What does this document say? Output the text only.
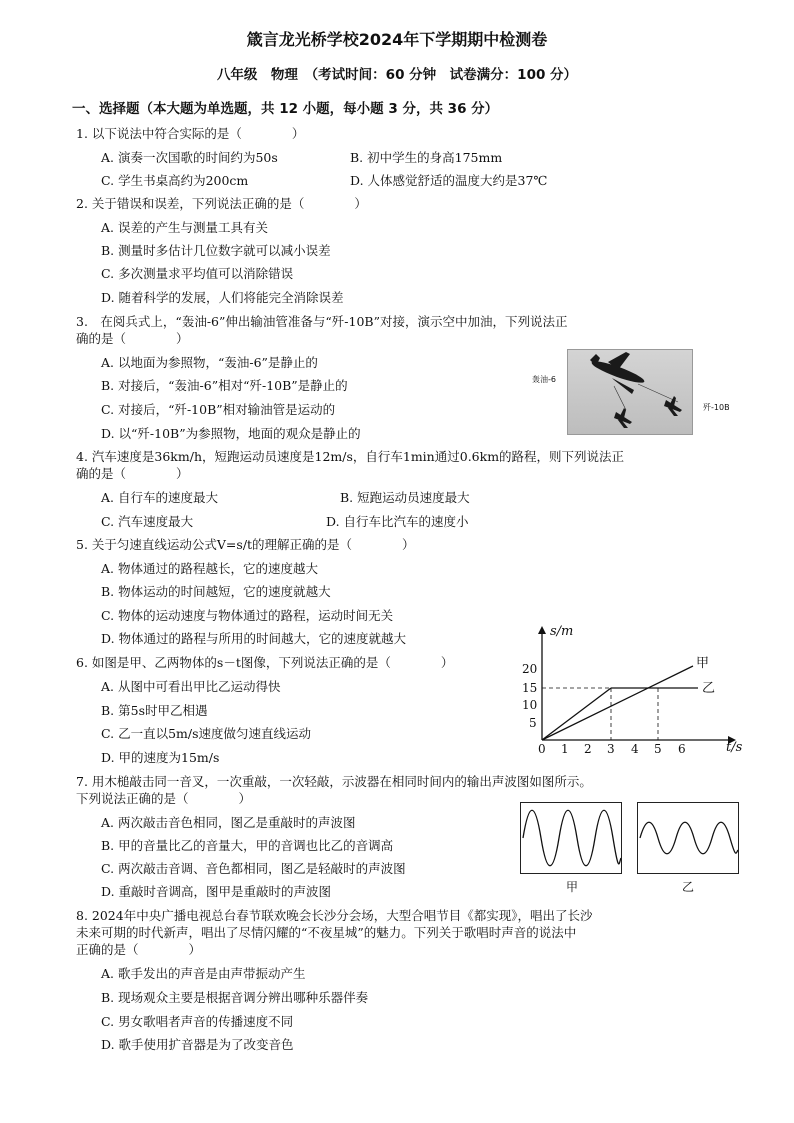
箴言龙光桥学校2024年下学期期中检测卷
八年级　物理　（考试时间：60 分钟　试卷满分：100 分）
一、选择题（本大题为单选题，共 12 小题，每小题 3 分，共 36 分）
1. 以下说法中符合实际的是（　　　　）
A. 演奏一次国歌的时间约为50s	B. 初中学生的身高175mm
C. 学生书桌高约为200cm	D. 人体感觉舒适的温度大约是37℃
2. 关于错误和误差，下列说法正确的是（　　　　）
A. 误差的产生与测量工具有关
B. 测量时多估计几位数字就可以减小误差
C. 多次测量求平均值可以消除错误
D. 随着科学的发展，人们将能完全消除误差
3.　在阅兵式上，“轰油-6”伸出输油管准备与“歼-10B”对接，演示空中加油，下列说法正
确的是（　　　　）
A. 以地面为参照物，“轰油-6”是静止的
B. 对接后，“轰油-6”相对“歼-10B”是静止的
C. 对接后，“歼-10B”相对输油管是运动的
D. 以“歼-10B”为参照物，地面的观众是静止的
轰油-6
歼-10B
4. 汽车速度是36km/h，短跑运动员速度是12m/s，自行车1min通过0.6km的路程，则下列说法正
确的是（　　　　）
A. 自行车的速度最大	B. 短跑运动员速度最大
C. 汽车速度最大	D. 自行车比汽车的速度小
5. 关于匀速直线运动公式V=s/t的理解正确的是（　　　　）
A. 物体通过的路程越长，它的速度越大
B. 物体运动的时间越短，它的速度就越大
C. 物体的运动速度与物体通过的路程，运动时间无关
D. 物体通过的路程与所用的时间越大，它的速度就越大
6. 如图是甲、乙两物体的s－t图像，下列说法正确的是（　　　　）
A. 从图中可看出甲比乙运动得快
B. 第5s时甲乙相遇
C. 乙一直以5m/s速度做匀速直线运动
D. 甲的速度为15m/s
s/m
t/s
20
15
10
5
0 1 2 3 4 5 6
甲
乙
7. 用木槌敲击同一音叉，一次重敲，一次轻敲，示波器在相同时间内的输出声波图如图所示。
下列说法正确的是（　　　　）
A. 两次敲击音色相同，图乙是重敲时的声波图
B. 甲的音量比乙的音量大，甲的音调也比乙的音调高
C. 两次敲击音调、音色都相同，图乙是轻敲时的声波图
D. 重敲时音调高，图甲是重敲时的声波图	甲	乙
8. 2024年中央广播电视总台春节联欢晚会长沙分会场，大型合唱节目《都实现》，唱出了长沙
未来可期的时代新声，唱出了尽情闪耀的“不夜星城”的魅力。下列关于歌唱时声音的说法中
正确的是（　　　　）
A. 歌手发出的声音是由声带振动产生
B. 现场观众主要是根据音调分辨出哪种乐器伴奏
C. 男女歌唱者声音的传播速度不同
D. 歌手使用扩音器是为了改变音色
